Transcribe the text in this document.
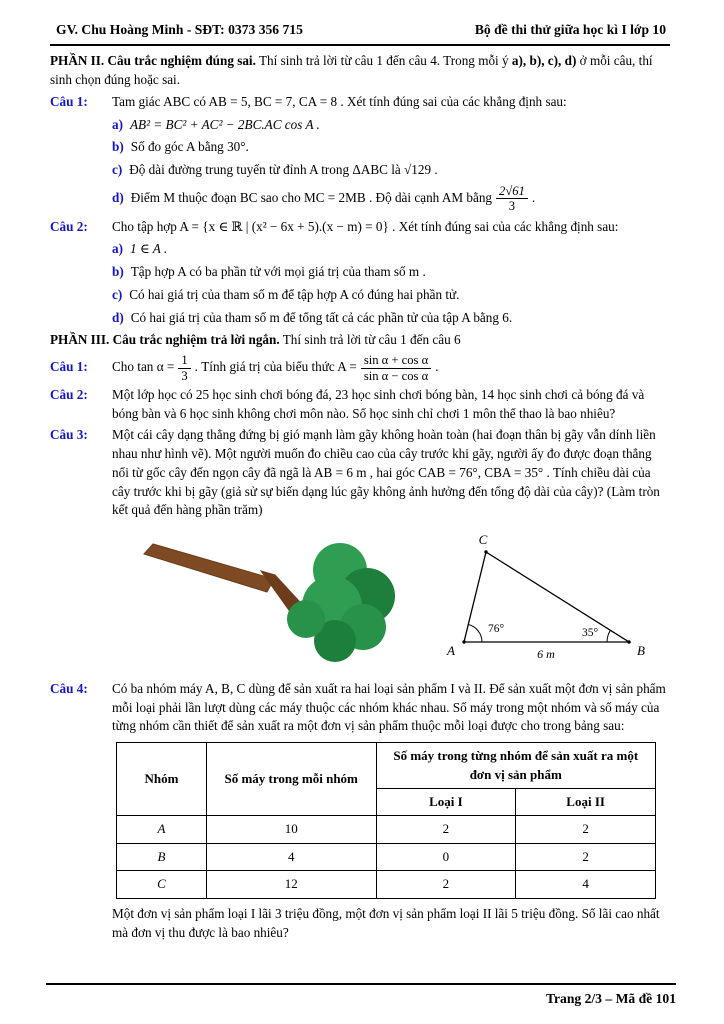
GV. Chu Hoàng Minh - SĐT: 0373 356 715	Bộ đề thi thử giữa học kì I lớp 10

PHẦN II. Câu trắc nghiệm đúng sai. Thí sinh trả lời từ câu 1 đến câu 4. Trong mỗi ý a), b), c), d) ở mỗi câu, thí sinh chọn đúng hoặc sai.

Câu 1:	Tam giác ABC có AB = 5, BC = 7, CA = 8 . Xét tính đúng sai của các khẳng định sau:
a) AB² = BC² + AC² − 2BC.AC cos A .
b) Số đo góc A bằng 30°.
c) Độ dài đường trung tuyến từ đỉnh A trong ΔABC là √129 .
d) Điểm M thuộc đoạn BC sao cho MC = 2MB . Độ dài cạnh AM bằng $\frac{2√61}{3}$ .
Câu 2:	Cho tập hợp A = {x ∈ ℝ | (x² − 6x + 5).(x − m) = 0} . Xét tính đúng sai của các khẳng định sau:
a) 1 ∈ A .
b) Tập hợp A có ba phần tử với mọi giá trị của tham số m .
c) Có hai giá trị của tham số m để tập hợp A có đúng hai phần tử.
d) Có hai giá trị của tham số m để tổng tất cả các phần tử của tập A bằng 6.

PHẦN III. Câu trắc nghiệm trả lời ngắn. Thí sinh trả lời từ câu 1 đến câu 6

Câu 1:	Cho $\tan \alpha = \frac{1}{3}$ . Tính giá trị của biểu thức $A = \frac{\text{sin α + cos α}}{\text{sin α − cos α}}$ .
Câu 2:	Một lớp học có 25 học sinh chơi bóng đá, 23 học sinh chơi bóng bàn, 14 học sinh chơi cả bóng đá và bóng bàn và 6 học sinh không chơi môn nào. Số học sinh chỉ chơi 1 môn thể thao là bao nhiêu?
Câu 3:	Một cái cây dạng thẳng đứng bị gió mạnh làm gãy không hoàn toàn (hai đoạn thân bị gãy vẫn dính liền nhau như hình vẽ). Một người muốn đo chiều cao của cây trước khi gãy, người ấy đo được đoạn thẳng nối từ gốc cây đến ngọn cây đã ngã là AB = 6 m , hai góc CAB = 76°, CBA = 35° . Tính chiều dài của cây trước khi bị gãy (giả sử sự biến dạng lúc gãy không ảnh hưởng đến tổng độ dài của cây)? (Làm tròn kết quả đến hàng phần trăm)
C
A	B
76°	35°
6 m
Câu 4:	Có ba nhóm máy A, B, C dùng để sản xuất ra hai loại sản phẩm I và II. Để sản xuất một đơn vị sản phẩm mỗi loại phải lần lượt dùng các máy thuộc các nhóm khác nhau. Số máy trong một nhóm và số máy của từng nhóm cần thiết để sản xuất ra một đơn vị sản phẩm thuộc mỗi loại được cho trong bảng sau:
Nhóm	Số máy trong mỗi nhóm	Số máy trong từng nhóm để sản xuất ra một đơn vị sản phẩm	
		Loại I	Loại II
A	10	2	2
B	4	0	2
C	12	2	4

Một đơn vị sản phẩm loại I lãi 3 triệu đồng, một đơn vị sản phẩm loại II lãi 5 triệu đồng. Số lãi cao nhất mà đơn vị thu được là bao nhiêu?

Trang 2/3 – Mã đề 101
